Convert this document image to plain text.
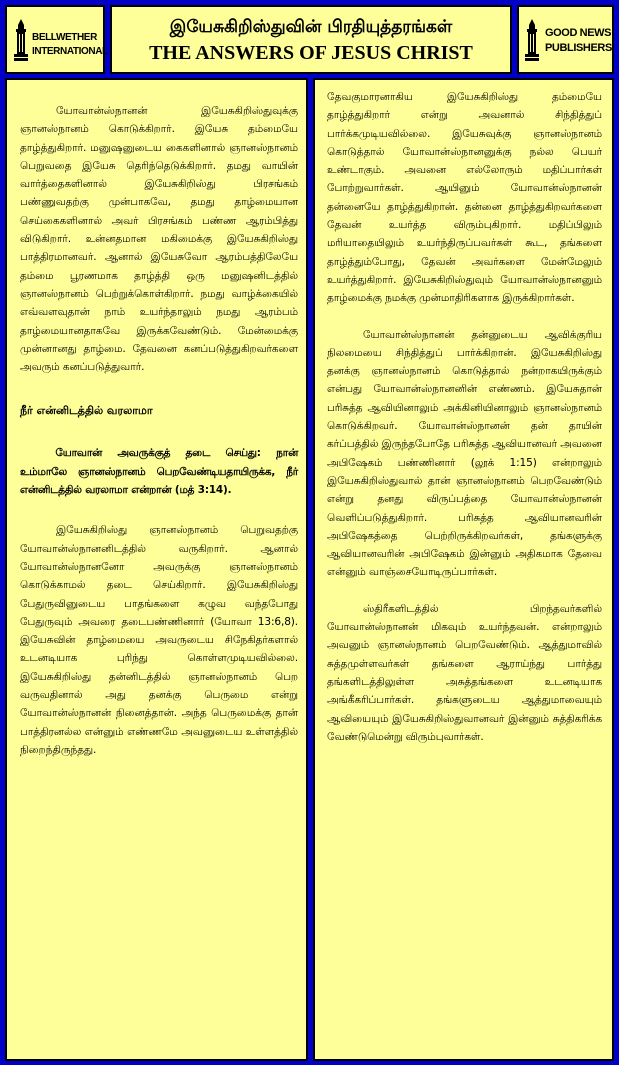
BELLWETHER
INTERNATIONAL
இயேசுகிறிஸ்துவின் பிரதியுத்தரங்கள்
THE ANSWERS OF JESUS CHRIST
GOOD NEWS
PUBLISHERS

யோவான்ஸ்நானன் இயேசுகிறிஸ்துவுக்கு ஞானஸ்நானம் கொடுக்கிறார். இயேசு தம்மையே தாழ்த்துகிறார். மனுஷனுடைய கைகளினால் ஞானஸ்நானம் பெறுவதை இயேசு தெரிந்தெடுக்கிறார். தமது வாயின் வார்த்தைகளினால் இயேசுகிறிஸ்து பிரசங்கம் பண்ணுவதற்கு முன்பாகவே, தமது தாழ்மையான செய்கைகளினால் அவர் பிரசங்கம் பண்ண ஆரம்பித்து விடுகிறார். உன்னதமான மகிமைக்கு இயேசுகிறிஸ்து பாத்திரமானவர். ஆனால் இயேசுவோ ஆரம்பத்திலேயே தம்மை பூரணமாக தாழ்த்தி ஒரு மனுஷனிடத்தில் ஞானஸ்நானம் பெற்றுக்கொள்கிறார். நமது வாழ்க்கையில் எவ்வளவுதான் நாம் உயர்ந்தாலும் நமது ஆரம்பம் தாழ்மையானதாகவே இருக்கவேண்டும். மேன்மைக்கு முன்னானது தாழ்மை. தேவனை கனப்படுத்துகிறவர்களை அவரும் கனப்படுத்துவார்.

நீர் என்னிடத்தில் வரலாமா

யோவான் அவருக்குத் தடை செய்து: நான் உம்மாலே ஞானஸ்நானம் பெறவேண்டியதாயிருக்க, நீர் என்னிடத்தில் வரலாமா என்றான் (மத் 3:14).

இயேசுகிறிஸ்து ஞானஸ்நானம் பெறுவதற்கு யோவான்ஸ்நானனிடத்தில் வருகிறார். ஆனால் யோவான்ஸ்நானனோ அவருக்கு ஞானஸ்நானம் கொடுக்காமல் தடை செய்கிறார். இயேசுகிறிஸ்து பேதுருவினுடைய பாதங்களை கழுவ வந்தபோது பேதுருவும் அவரை தடைபண்ணினார் (யோவா 13:6,8). இயேசுவின் தாழ்மையை அவருடைய சிநேகிதர்களால் உடனடியாக புரிந்து கொள்ளமுடியவில்லை. இயேசுகிறிஸ்து தன்னிடத்தில் ஞானஸ்நானம் பெற வருவதினால் அது தனக்கு பெருமை என்று யோவான்ஸ்நானன் நினைத்தான். அந்த பெருமைக்கு தான் பாத்திரனல்ல என்னும் எண்ணமே அவனுடைய உள்ளத்தில் நிறைந்திருந்தது.

தேவகுமாரனாகிய இயேசுகிறிஸ்து தம்மையே தாழ்த்துகிறார் என்று அவனால் சிந்தித்துப் பார்க்கமுடியவில்லை. இயேசுவுக்கு ஞானஸ்நானம் கொடுத்தால் யோவான்ஸ்நானனுக்கு நல்ல பெயர் உண்டாகும். அவனை எல்லோரும் மதிப்பார்கள் போற்றுவார்கள். ஆயினும் யோவான்ஸ்நானன் தன்னையே தாழ்த்துகிறான். தன்னை தாழ்த்துகிறவர்களை தேவன் உயர்த்த விரும்புகிறார். மதிப்பிலும் மரியாதையிலும் உயர்ந்திருப்பவர்கள் கூட, தங்களை தாழ்த்தும்போது, தேவன் அவர்களை மேன்மேலும் உயர்த்துகிறார். இயேசுகிறிஸ்துவும் யோவான்ஸ்நானனும் தாழ்மைக்கு நமக்கு முன்மாதிரிகளாக இருக்கிறார்கள்.

யோவான்ஸ்நானன் தன்னுடைய ஆவிக்குரிய நிலமையை சிந்தித்துப் பார்க்கிறான். இயேசுகிறிஸ்து தனக்கு ஞானஸ்நானம் கொடுத்தால் நன்றாகயிருக்கும் என்பது யோவான்ஸ்நானனின் எண்ணம். இயேசுதான் பரிசுத்த ஆவியினாலும் அக்கினியினாலும் ஞானஸ்நானம் கொடுக்கிறவர். யோவான்ஸ்நானன் தன் தாயின் கர்ப்பத்தில் இருந்தபோதே பரிசுத்த ஆவியானவர் அவனை அபிஷேகம் பண்ணினார் (லூக் 1:15) என்றாலும் இயேசுகிறிஸ்துவால் தான் ஞானஸ்நானம் பெறவேண்டும் என்று தனது விருப்பத்தை யோவான்ஸ்நானன் வெளிப்படுத்துகிறார். பரிசுத்த ஆவியானவரின் அபிஷேகத்தை பெற்றிருக்கிறவர்கள், தங்களுக்கு ஆவியானவரின் அபிஷேகம் இன்னும் அதிகமாக தேவை என்னும் வாஞ்சையோடிருப்பார்கள்.

ஸ்திரீகளிடத்தில் பிறந்தவர்களில் யோவான்ஸ்நானன் மிகவும் உயர்ந்தவன். என்றாலும் அவனும் ஞானஸ்நானம் பெறவேண்டும். ஆத்துமாவில் சுத்தமுள்ளவர்கள் தங்களை ஆராய்ந்து பார்த்து தங்களிடத்திலுள்ள அசுத்தங்களை உடனடியாக அங்கீகரிப்பார்கள். தங்களுடைய ஆத்துமாவையும் ஆவியையும் இயேசுகிறிஸ்துவானவர் இன்னும் சுத்திகரிக்க வேண்டுமென்று விரும்புவார்கள்.
